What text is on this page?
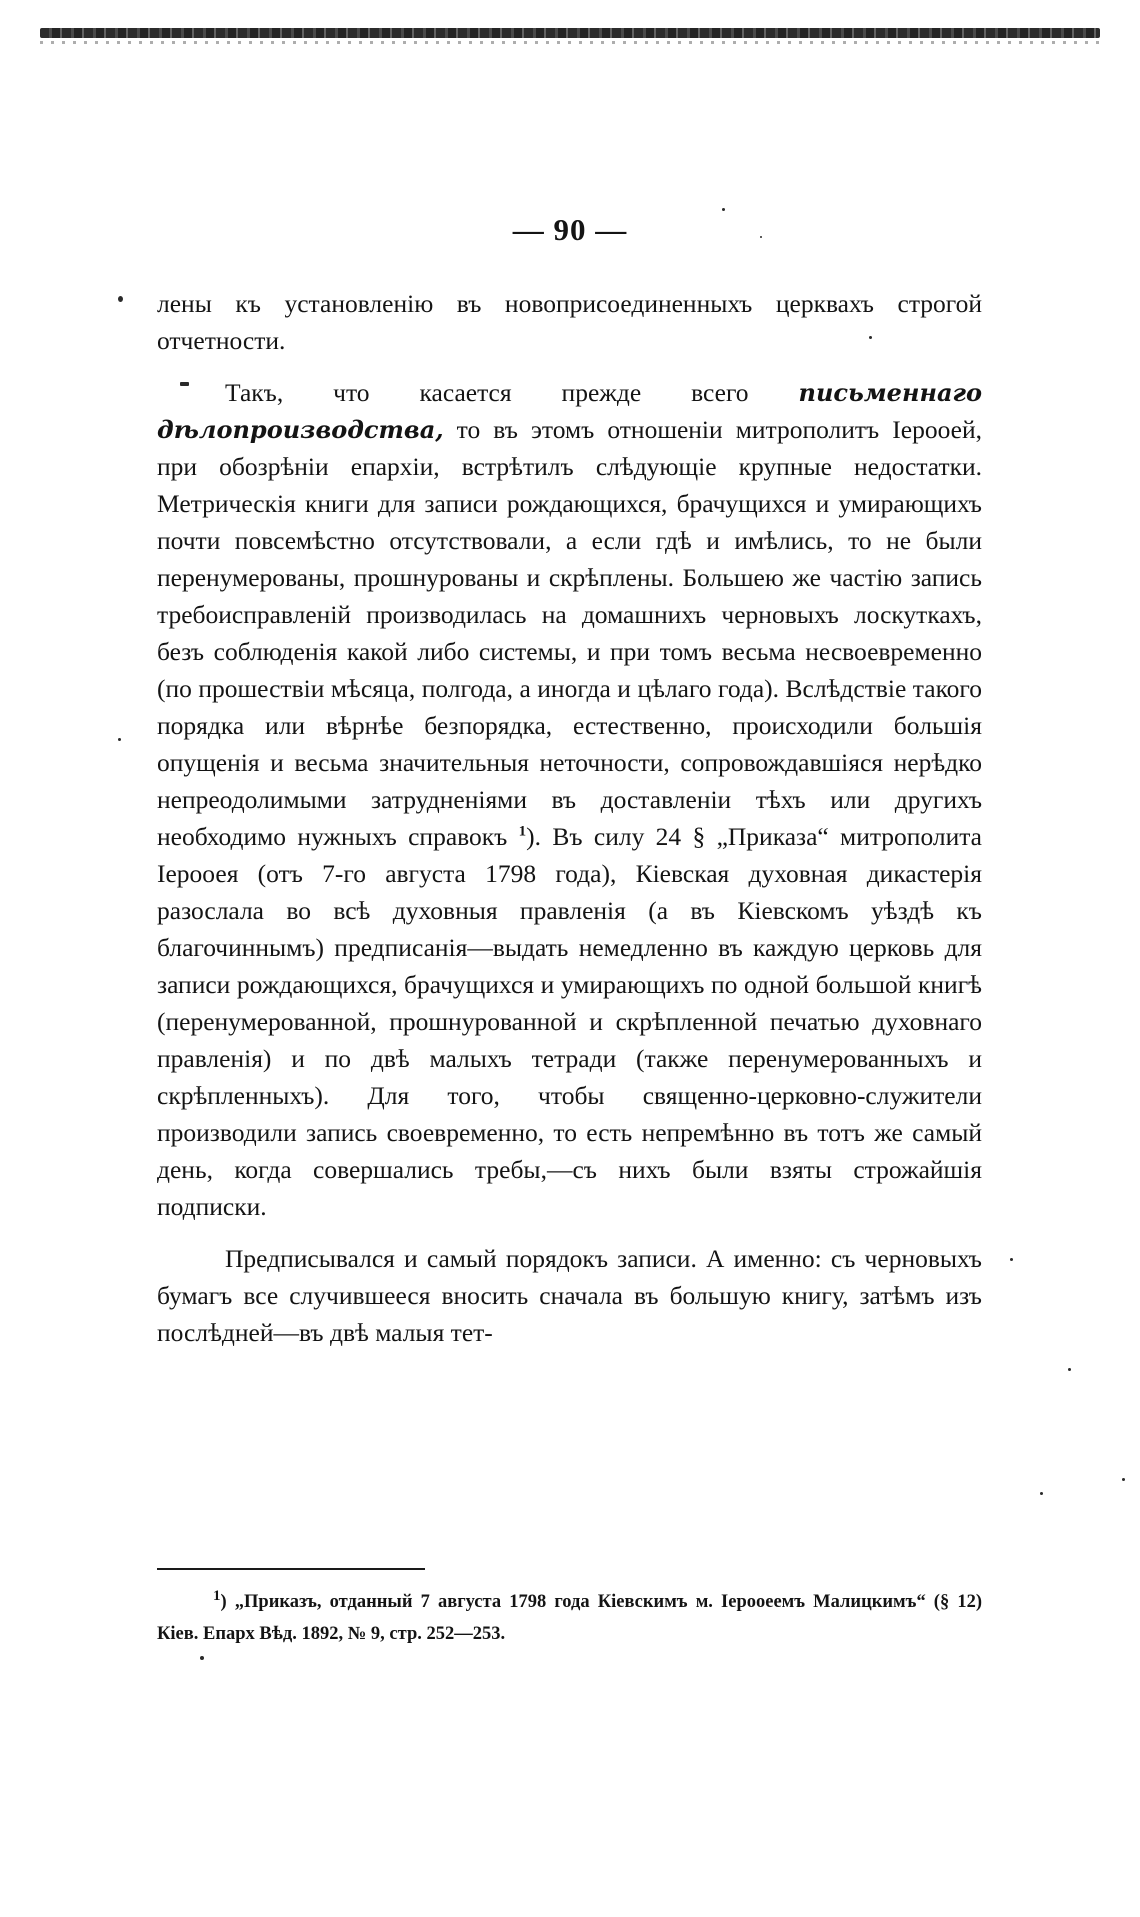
— 90 —

лены къ установленію въ новоприсоединенныхъ церквахъ строгой отчетности.

Такъ, что касается прежде всего письменнаго дѣлопроизводства, то въ этомъ отношеніи митрополитъ Іерооей, при обозрѣніи епархіи, встрѣтилъ слѣдующіе крупные недостатки. Метрическія книги для записи рождающихся, брачущихся и умирающихъ почти повсемѣстно отсутствовали, а если гдѣ и имѣлись, то не были перенумерованы, прошнурованы и скрѣплены. Большею же частію запись требоисправленій производилась на домашнихъ черновыхъ лоскуткахъ, безъ соблюденія какой либо системы, и при томъ весьма несвоевременно (по прошествіи мѣсяца, полгода, а иногда и цѣлаго года). Вслѣдствіе такого порядка или вѣрнѣе безпорядка, естественно, происходили большія опущенія и весьма значительныя неточности, сопровождавшіяся нерѣдко непреодолимыми затрудненіями въ доставленіи тѣхъ или другихъ необходимо нужныхъ справокъ $^1$). Въ силу 24 § „Приказа“ митрополита Іерооея (отъ 7-го августа 1798 года), Кіевская духовная дикастерія разослала во всѣ духовныя правленія (а въ Кіевскомъ уѣздѣ къ благочиннымъ) предписанія—выдать немедленно въ каждую церковь для записи рождающихся, брачущихся и умирающихъ по одной большой книгѣ (перенумерованной, прошнурованной и скрѣпленной печатью духовнаго правленія) и по двѣ малыхъ тетради (также перенумерованныхъ и скрѣпленныхъ). Для того, чтобы священно-церковно-служители производили запись своевременно, то есть непремѣнно въ тотъ же самый день, когда совершались требы,—съ нихъ были взяты строжайшія подписки.

Предписывался и самый порядокъ записи. А именно: съ черновыхъ бумагъ все случившееся вносить сначала въ большую книгу, затѣмъ изъ послѣдней—въ двѣ малыя тет-

$^1$) „Приказъ, отданный 7 августа 1798 года Кіевскимъ м. Іерооеемъ Малицкимъ“ (§ 12) Кіев. Епарх Вѣд. 1892, № 9, стр. 252—253.
